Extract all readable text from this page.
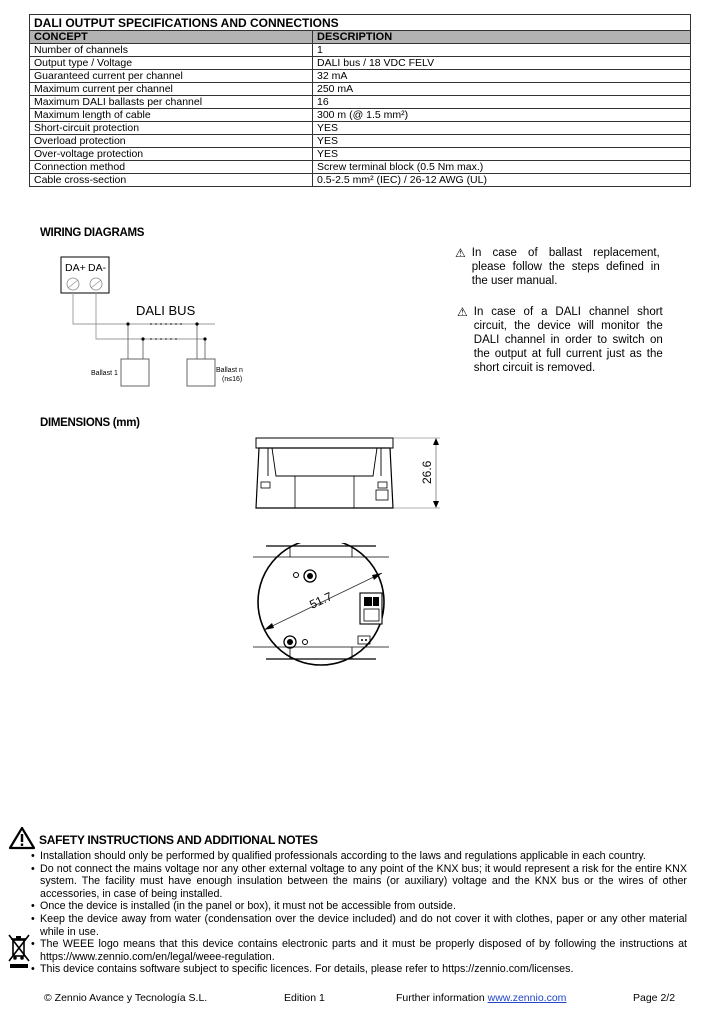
DALI OUTPUT SPECIFICATIONS AND CONNECTIONS	
CONCEPT	DESCRIPTION
Number of channels	1
Output type / Voltage	DALI bus / 18 VDC FELV
Guaranteed current per channel	32 mA
Maximum current per channel	250 mA
Maximum DALI ballasts per channel	16
Maximum length of cable	300 m (@ 1.5 mm²)
Short-circuit protection	YES
Overload protection	YES
Over-voltage protection	YES
Connection method	Screw terminal block (0.5 Nm max.)
Cable cross-section	0.5-2.5 mm² (IEC) / 26-12 AWG (UL)
WIRING DIAGRAMS
DA+ DA-
DALI BUS
Ballast 1	Ballast n
(n≤16)
⚠ In case of ballast replacement, please follow the steps defined in the user manual.
⚠ In case of a DALI channel short circuit, the device will monitor the DALI channel in order to switch on the output at full current just as the short circuit is removed.
DIMENSIONS (mm)
26.6
51.7
SAFETY INSTRUCTIONS AND ADDITIONAL NOTES
• Installation should only be performed by qualified professionals according to the laws and regulations applicable in each country.
• Do not connect the mains voltage nor any other external voltage to any point of the KNX bus; it would represent a risk for the entire KNX system. The facility must have enough insulation between the mains (or auxiliary) voltage and the KNX bus or the wires of other accessories, in case of being installed.
• Once the device is installed (in the panel or box), it must not be accessible from outside.
• Keep the device away from water (condensation over the device included) and do not cover it with clothes, paper or any other material while in use.
• The WEEE logo means that this device contains electronic parts and it must be properly disposed of by following the instructions at https://www.zennio.com/en/legal/weee-regulation.
• This device contains software subject to specific licences. For details, please refer to https://zennio.com/licenses.
© Zennio Avance y Tecnología S.L.	Edition 1	Further information www.zennio.com	Page 2/2
